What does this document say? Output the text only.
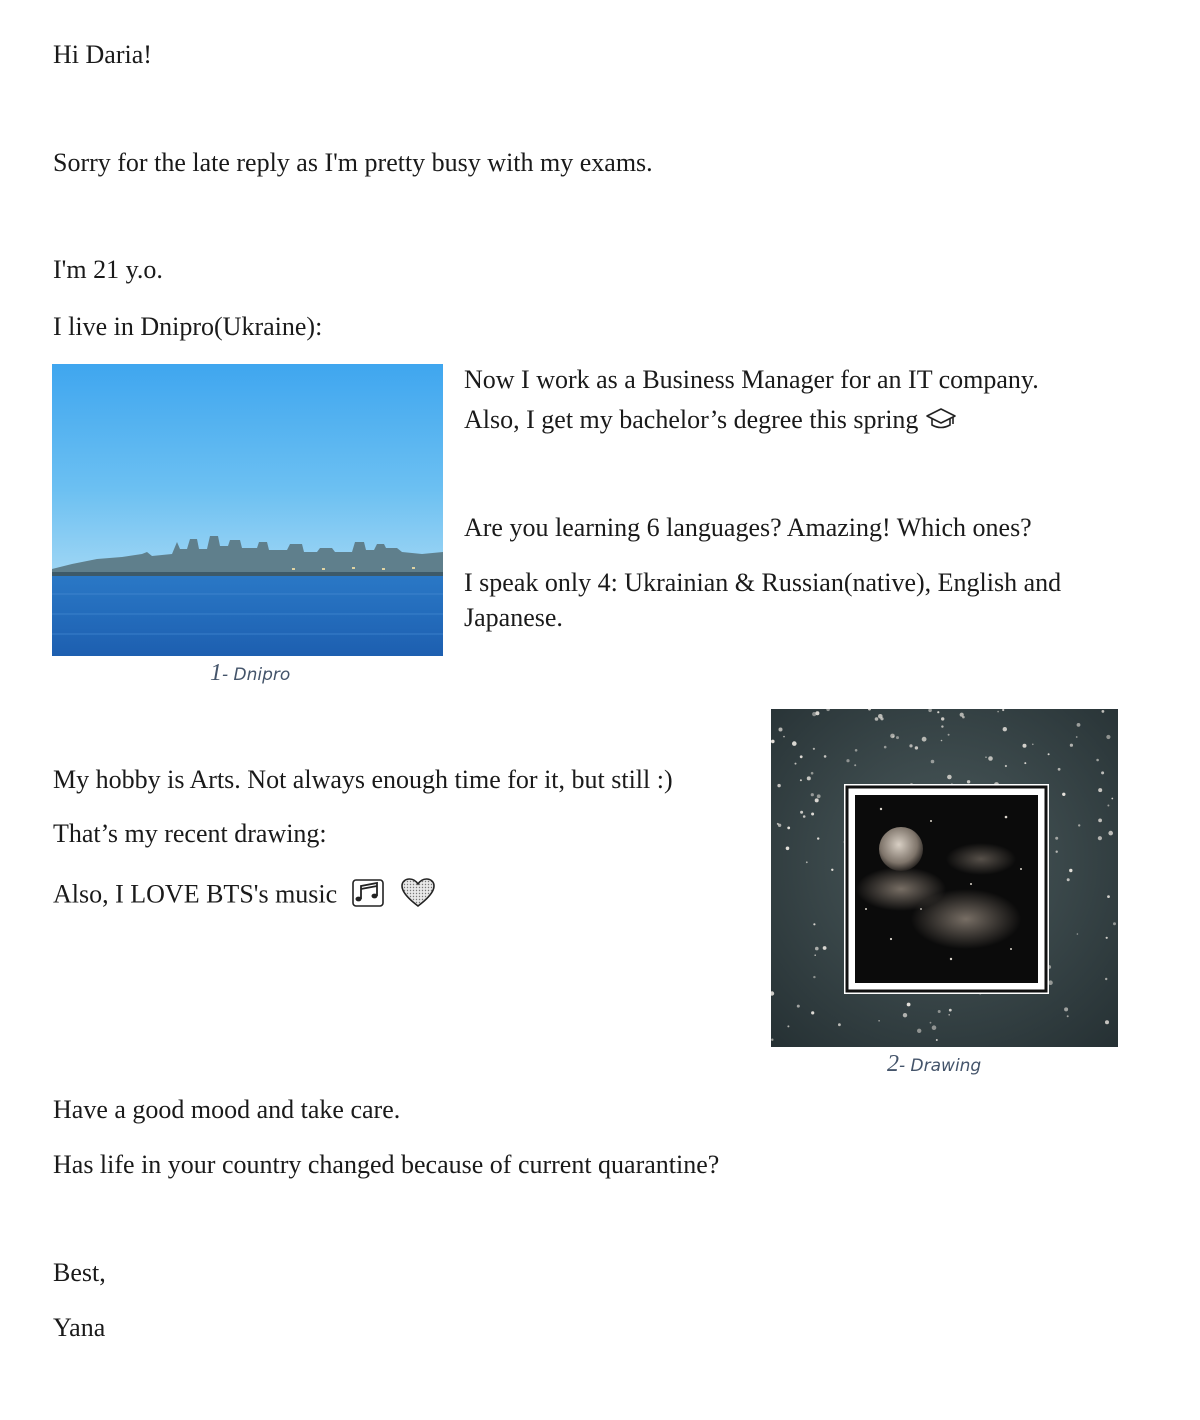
Hi Daria!
Sorry for the late reply as I'm pretty busy with my exams.
I'm 21 y.o.
I live in Dnipro(Ukraine):
1- Dnipro
Now I work as a Business Manager for an IT company.
Also, I get my bachelor’s degree this spring
Are you learning 6 languages? Amazing! Which ones?
I speak only 4: Ukrainian & Russian(native), English and
Japanese.
My hobby is Arts. Not always enough time for it, but still :)
That’s my recent drawing:
Also, I LOVE BTS's music
2- Drawing
Have a good mood and take care.
Has life in your country changed because of current quarantine?
Best,
Yana
